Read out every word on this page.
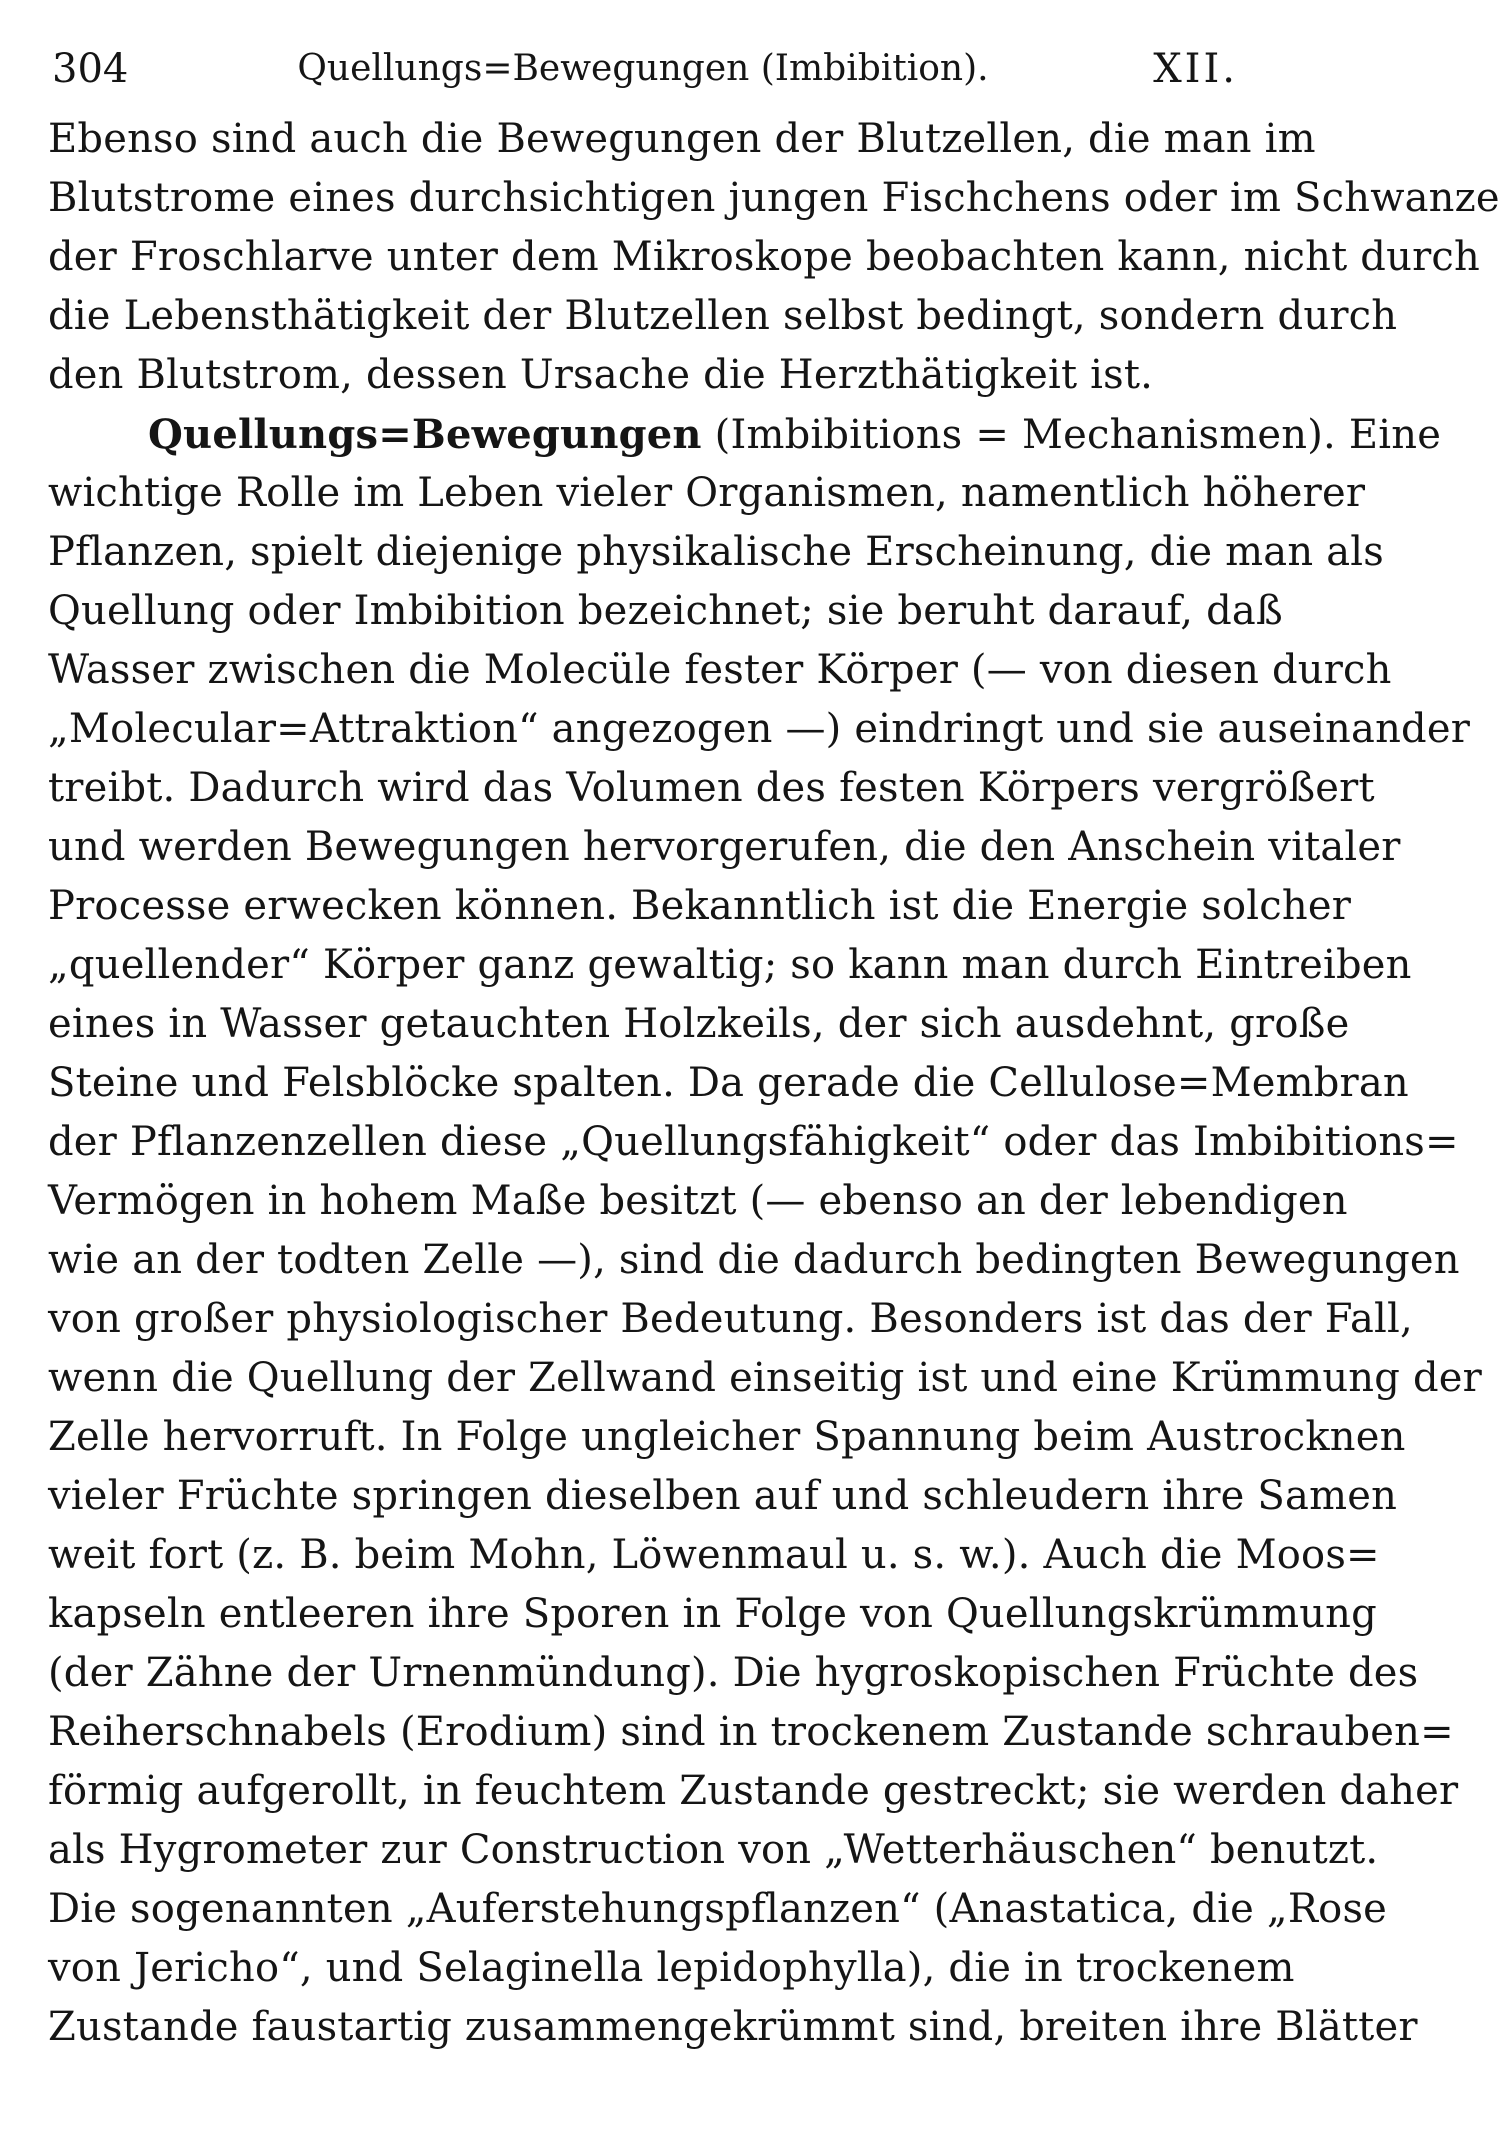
304	Quellungs=Bewegungen (Imbibition).	XII.
Ebenso sind auch die Bewegungen der Blutzellen, die man im
Blutstrome eines durchsichtigen jungen Fischchens oder im Schwanze
der Froschlarve unter dem Mikroskope beobachten kann, nicht durch
die Lebensthätigkeit der Blutzellen selbst bedingt, sondern durch
den Blutstrom, dessen Ursache die Herzthätigkeit ist.
Quellungs=Bewegungen (Imbibitions = Mechanismen). Eine
wichtige Rolle im Leben vieler Organismen, namentlich höherer
Pflanzen, spielt diejenige physikalische Erscheinung, die man als
Quellung oder Imbibition bezeichnet; sie beruht darauf, daß
Wasser zwischen die Molecüle fester Körper (— von diesen durch
„Molecular=Attraktion“ angezogen —) eindringt und sie auseinander
treibt. Dadurch wird das Volumen des festen Körpers vergrößert
und werden Bewegungen hervorgerufen, die den Anschein vitaler
Processe erwecken können. Bekanntlich ist die Energie solcher
„quellender“ Körper ganz gewaltig; so kann man durch Eintreiben
eines in Wasser getauchten Holzkeils, der sich ausdehnt, große
Steine und Felsblöcke spalten. Da gerade die Cellulose=Membran
der Pflanzenzellen diese „Quellungsfähigkeit“ oder das Imbibitions=
Vermögen in hohem Maße besitzt (— ebenso an der lebendigen
wie an der todten Zelle —), sind die dadurch bedingten Bewegungen
von großer physiologischer Bedeutung. Besonders ist das der Fall,
wenn die Quellung der Zellwand einseitig ist und eine Krümmung der
Zelle hervorruft. In Folge ungleicher Spannung beim Austrocknen
vieler Früchte springen dieselben auf und schleudern ihre Samen
weit fort (z. B. beim Mohn, Löwenmaul u. s. w.). Auch die Moos=
kapseln entleeren ihre Sporen in Folge von Quellungskrümmung
(der Zähne der Urnenmündung). Die hygroskopischen Früchte des
Reiherschnabels (Erodium) sind in trockenem Zustande schrauben=
förmig aufgerollt, in feuchtem Zustande gestreckt; sie werden daher
als Hygrometer zur Construction von „Wetterhäuschen“ benutzt.
Die sogenannten „Auferstehungspflanzen“ (Anastatica, die „Rose
von Jericho“, und Selaginella lepidophylla), die in trockenem
Zustande faustartig zusammengekrümmt sind, breiten ihre Blätter
